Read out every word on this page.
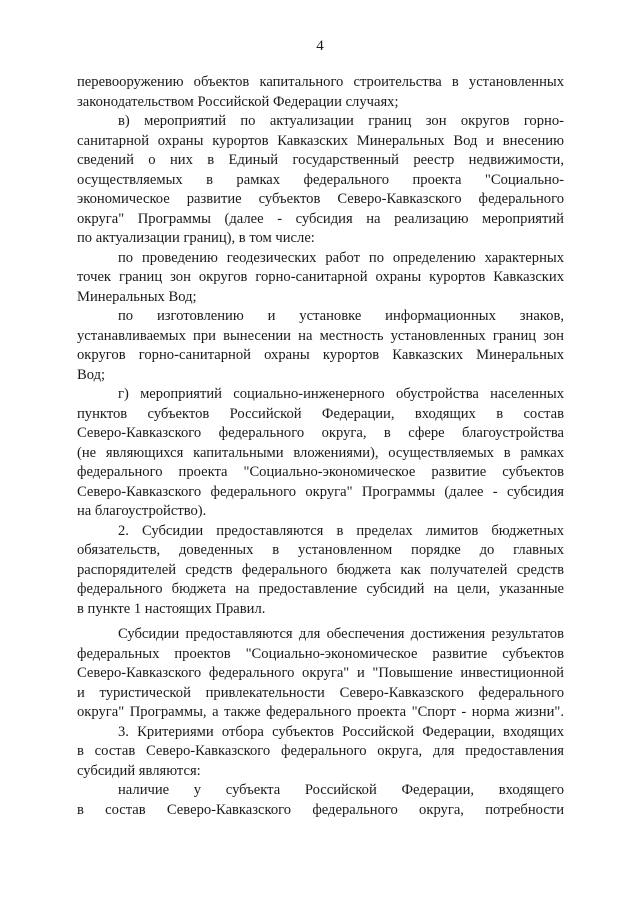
4
перевооружению объектов капитального строительства в установленных
законодательством Российской Федерации случаях;
в) мероприятий по актуализации границ зон округов горно-
санитарной охраны курортов Кавказских Минеральных Вод и внесению
сведений о них в Единый государственный реестр недвижимости,
осуществляемых в рамках федерального проекта "Социально-
экономическое развитие субъектов Северо-Кавказского федерального
округа" Программы (далее - субсидия на реализацию мероприятий
по актуализации границ), в том числе:
по проведению геодезических работ по определению характерных
точек границ зон округов горно-санитарной охраны курортов Кавказских
Минеральных Вод;
по изготовлению и установке информационных знаков,
устанавливаемых при вынесении на местность установленных границ зон
округов горно-санитарной охраны курортов Кавказских Минеральных
Вод;
г) мероприятий социально-инженерного обустройства населенных
пунктов субъектов Российской Федерации, входящих в состав
Северо-Кавказского федерального округа, в сфере благоустройства
(не являющихся капитальными вложениями), осуществляемых в рамках
федерального проекта "Социально-экономическое развитие субъектов
Северо-Кавказского федерального округа" Программы (далее - субсидия
на благоустройство).
2. Субсидии предоставляются в пределах лимитов бюджетных
обязательств, доведенных в установленном порядке до главных
распорядителей средств федерального бюджета как получателей средств
федерального бюджета на предоставление субсидий на цели, указанные
в пункте 1 настоящих Правил.
Субсидии предоставляются для обеспечения достижения результатов
федеральных проектов "Социально-экономическое развитие субъектов
Северо-Кавказского федерального округа" и "Повышение инвестиционной
и туристической привлекательности Северо-Кавказского федерального
округа" Программы, а также федерального проекта "Спорт - норма жизни".
3. Критериями отбора субъектов Российской Федерации, входящих
в состав Северо-Кавказского федерального округа, для предоставления
субсидий являются:
наличие у субъекта Российской Федерации, входящего
в состав Северо-Кавказского федерального округа, потребности
